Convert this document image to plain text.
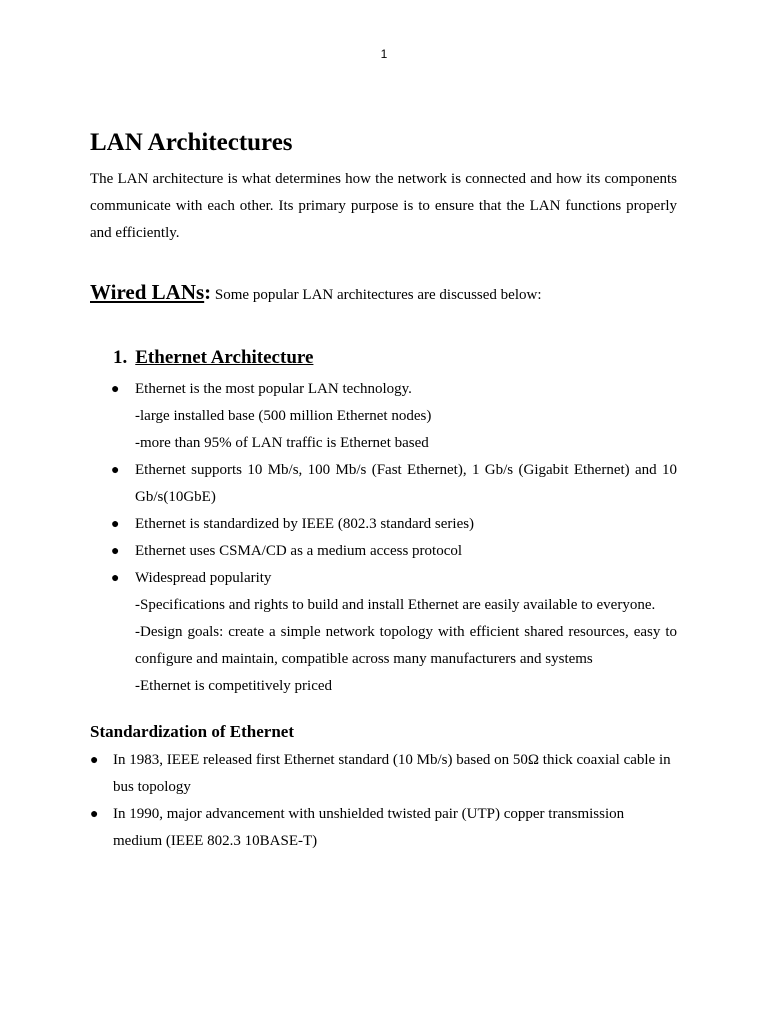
1
LAN Architectures

The LAN architecture is what determines how the network is connected and how its components communicate with each other. Its primary purpose is to ensure that the LAN functions properly and efficiently.

Wired LANs: Some popular LAN architectures are discussed below:
1. Ethernet Architecture
● Ethernet is the most popular LAN technology.
-large installed base (500 million Ethernet nodes)
-more than 95% of LAN traffic is Ethernet based
● Ethernet supports 10 Mb/s, 100 Mb/s (Fast Ethernet), 1 Gb/s (Gigabit Ethernet) and 10 Gb/s(10GbE)
● Ethernet is standardized by IEEE (802.3 standard series)
● Ethernet uses CSMA/CD as a medium access protocol
● Widespread popularity
-Specifications and rights to build and install Ethernet are easily available to everyone.
-Design goals: create a simple network topology with efficient shared resources, easy to configure and maintain, compatible across many manufacturers and systems
-Ethernet is competitively priced
Standardization of Ethernet
● In 1983, IEEE released first Ethernet standard (10 Mb/s) based on 50Ω thick coaxial cable in bus topology
● In 1990, major advancement with unshielded twisted pair (UTP) copper transmission medium (IEEE 802.3 10BASE-T)
